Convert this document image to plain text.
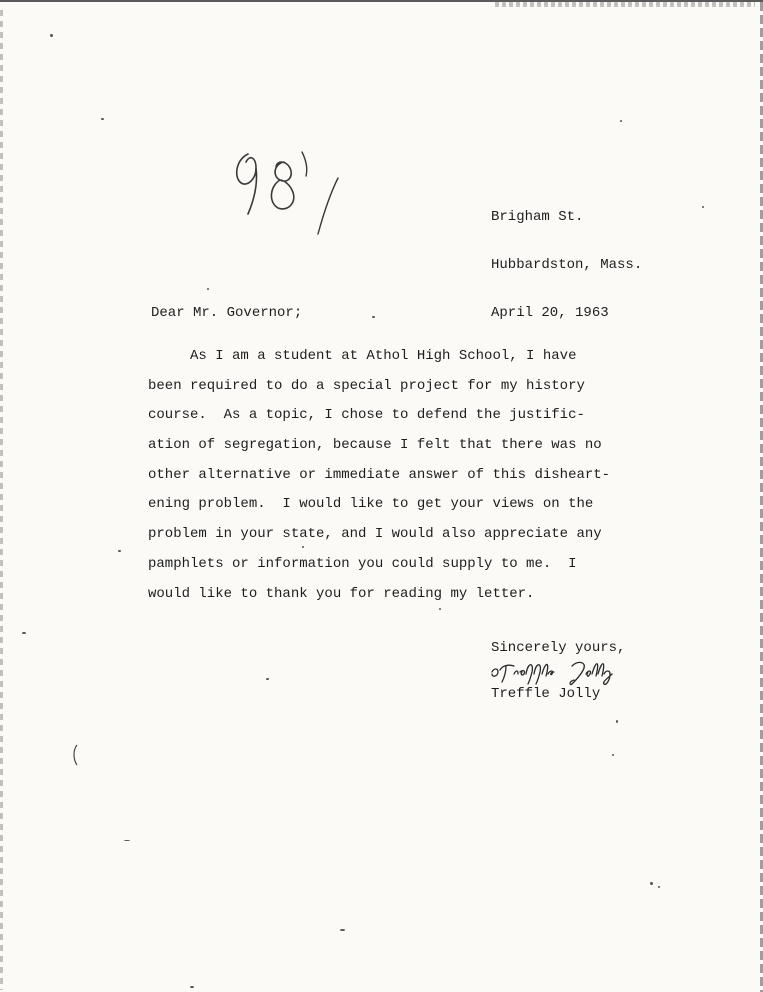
Brigham St.

Hubbardston, Mass.

April 20, 1963

Dear Mr. Governor;
As I am a student at Athol High School, I have
been required to do a special project for my history
course.  As a topic, I chose to defend the justific-
ation of segregation, because I felt that there was no
other alternative or immediate answer of this disheart-
ening problem.  I would like to get your views on the
problem in your state, and I would also appreciate any
pamphlets or information you could supply to me.  I
would like to thank you for reading my letter.
Sincerely yours,
Treffle Jolly
